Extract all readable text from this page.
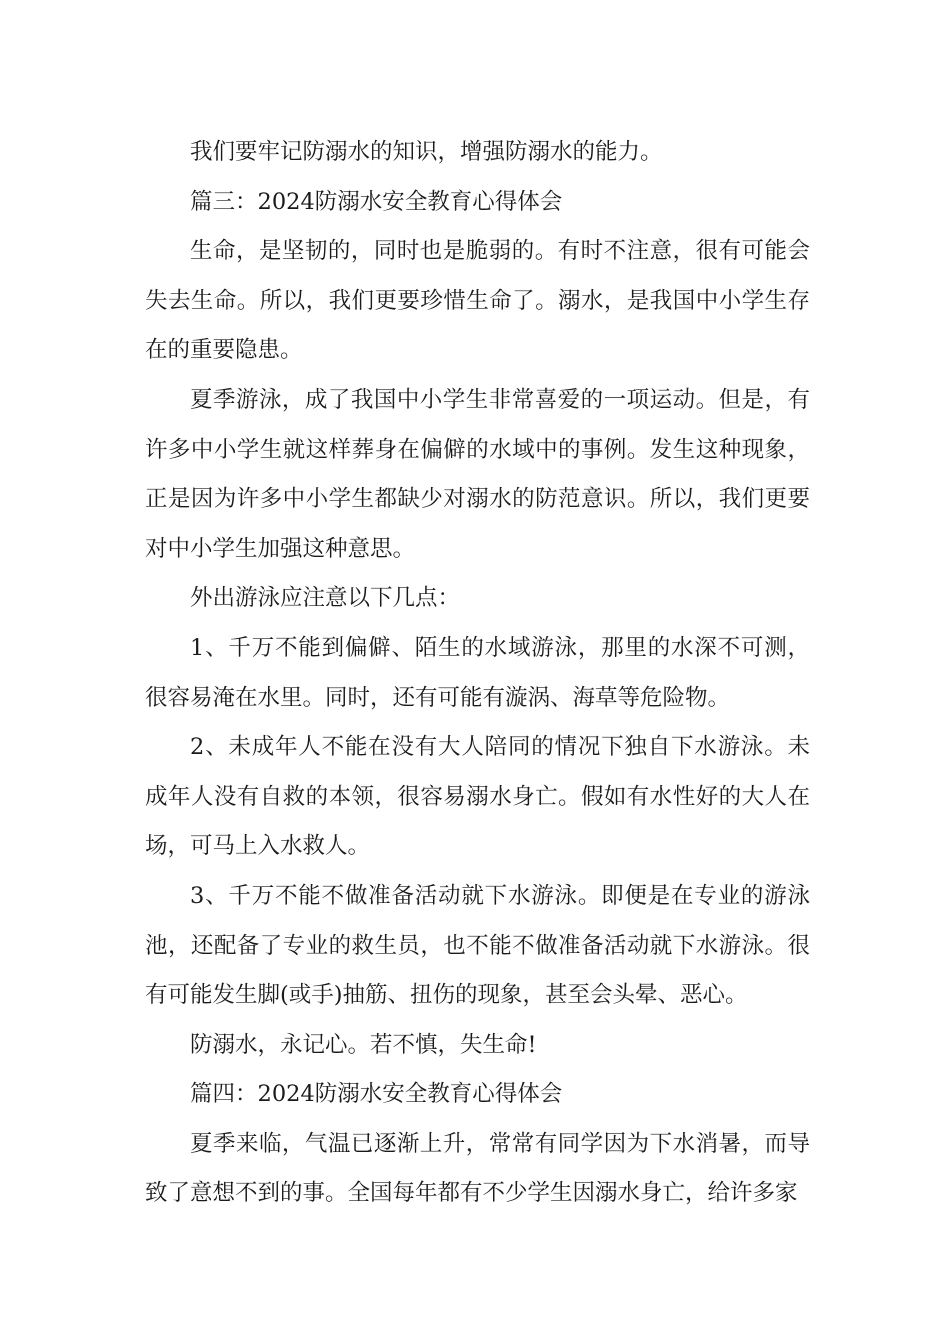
我们要牢记防溺水的知识，增强防溺水的能力。

篇三：2024防溺水安全教育心得体会

生命，是坚韧的，同时也是脆弱的。有时不注意，很有可能会失去生命。所以，我们更要珍惜生命了。溺水，是我国中小学生存在的重要隐患。

夏季游泳，成了我国中小学生非常喜爱的一项运动。但是，有许多中小学生就这样葬身在偏僻的水域中的事例。发生这种现象，正是因为许多中小学生都缺少对溺水的防范意识。所以，我们更要对中小学生加强这种意思。

外出游泳应注意以下几点：

1、千万不能到偏僻、陌生的水域游泳，那里的水深不可测，很容易淹在水里。同时，还有可能有漩涡、海草等危险物。

2、未成年人不能在没有大人陪同的情况下独自下水游泳。未成年人没有自救的本领，很容易溺水身亡。假如有水性好的大人在场，可马上入水救人。

3、千万不能不做准备活动就下水游泳。即便是在专业的游泳池，还配备了专业的救生员，也不能不做准备活动就下水游泳。很有可能发生脚(或手)抽筋、扭伤的现象，甚至会头晕、恶心。

防溺水，永记心。若不慎，失生命!

篇四：2024防溺水安全教育心得体会

夏季来临，气温已逐渐上升，常常有同学因为下水消暑，而导致了意想不到的事。全国每年都有不少学生因溺水身亡，给许多家
